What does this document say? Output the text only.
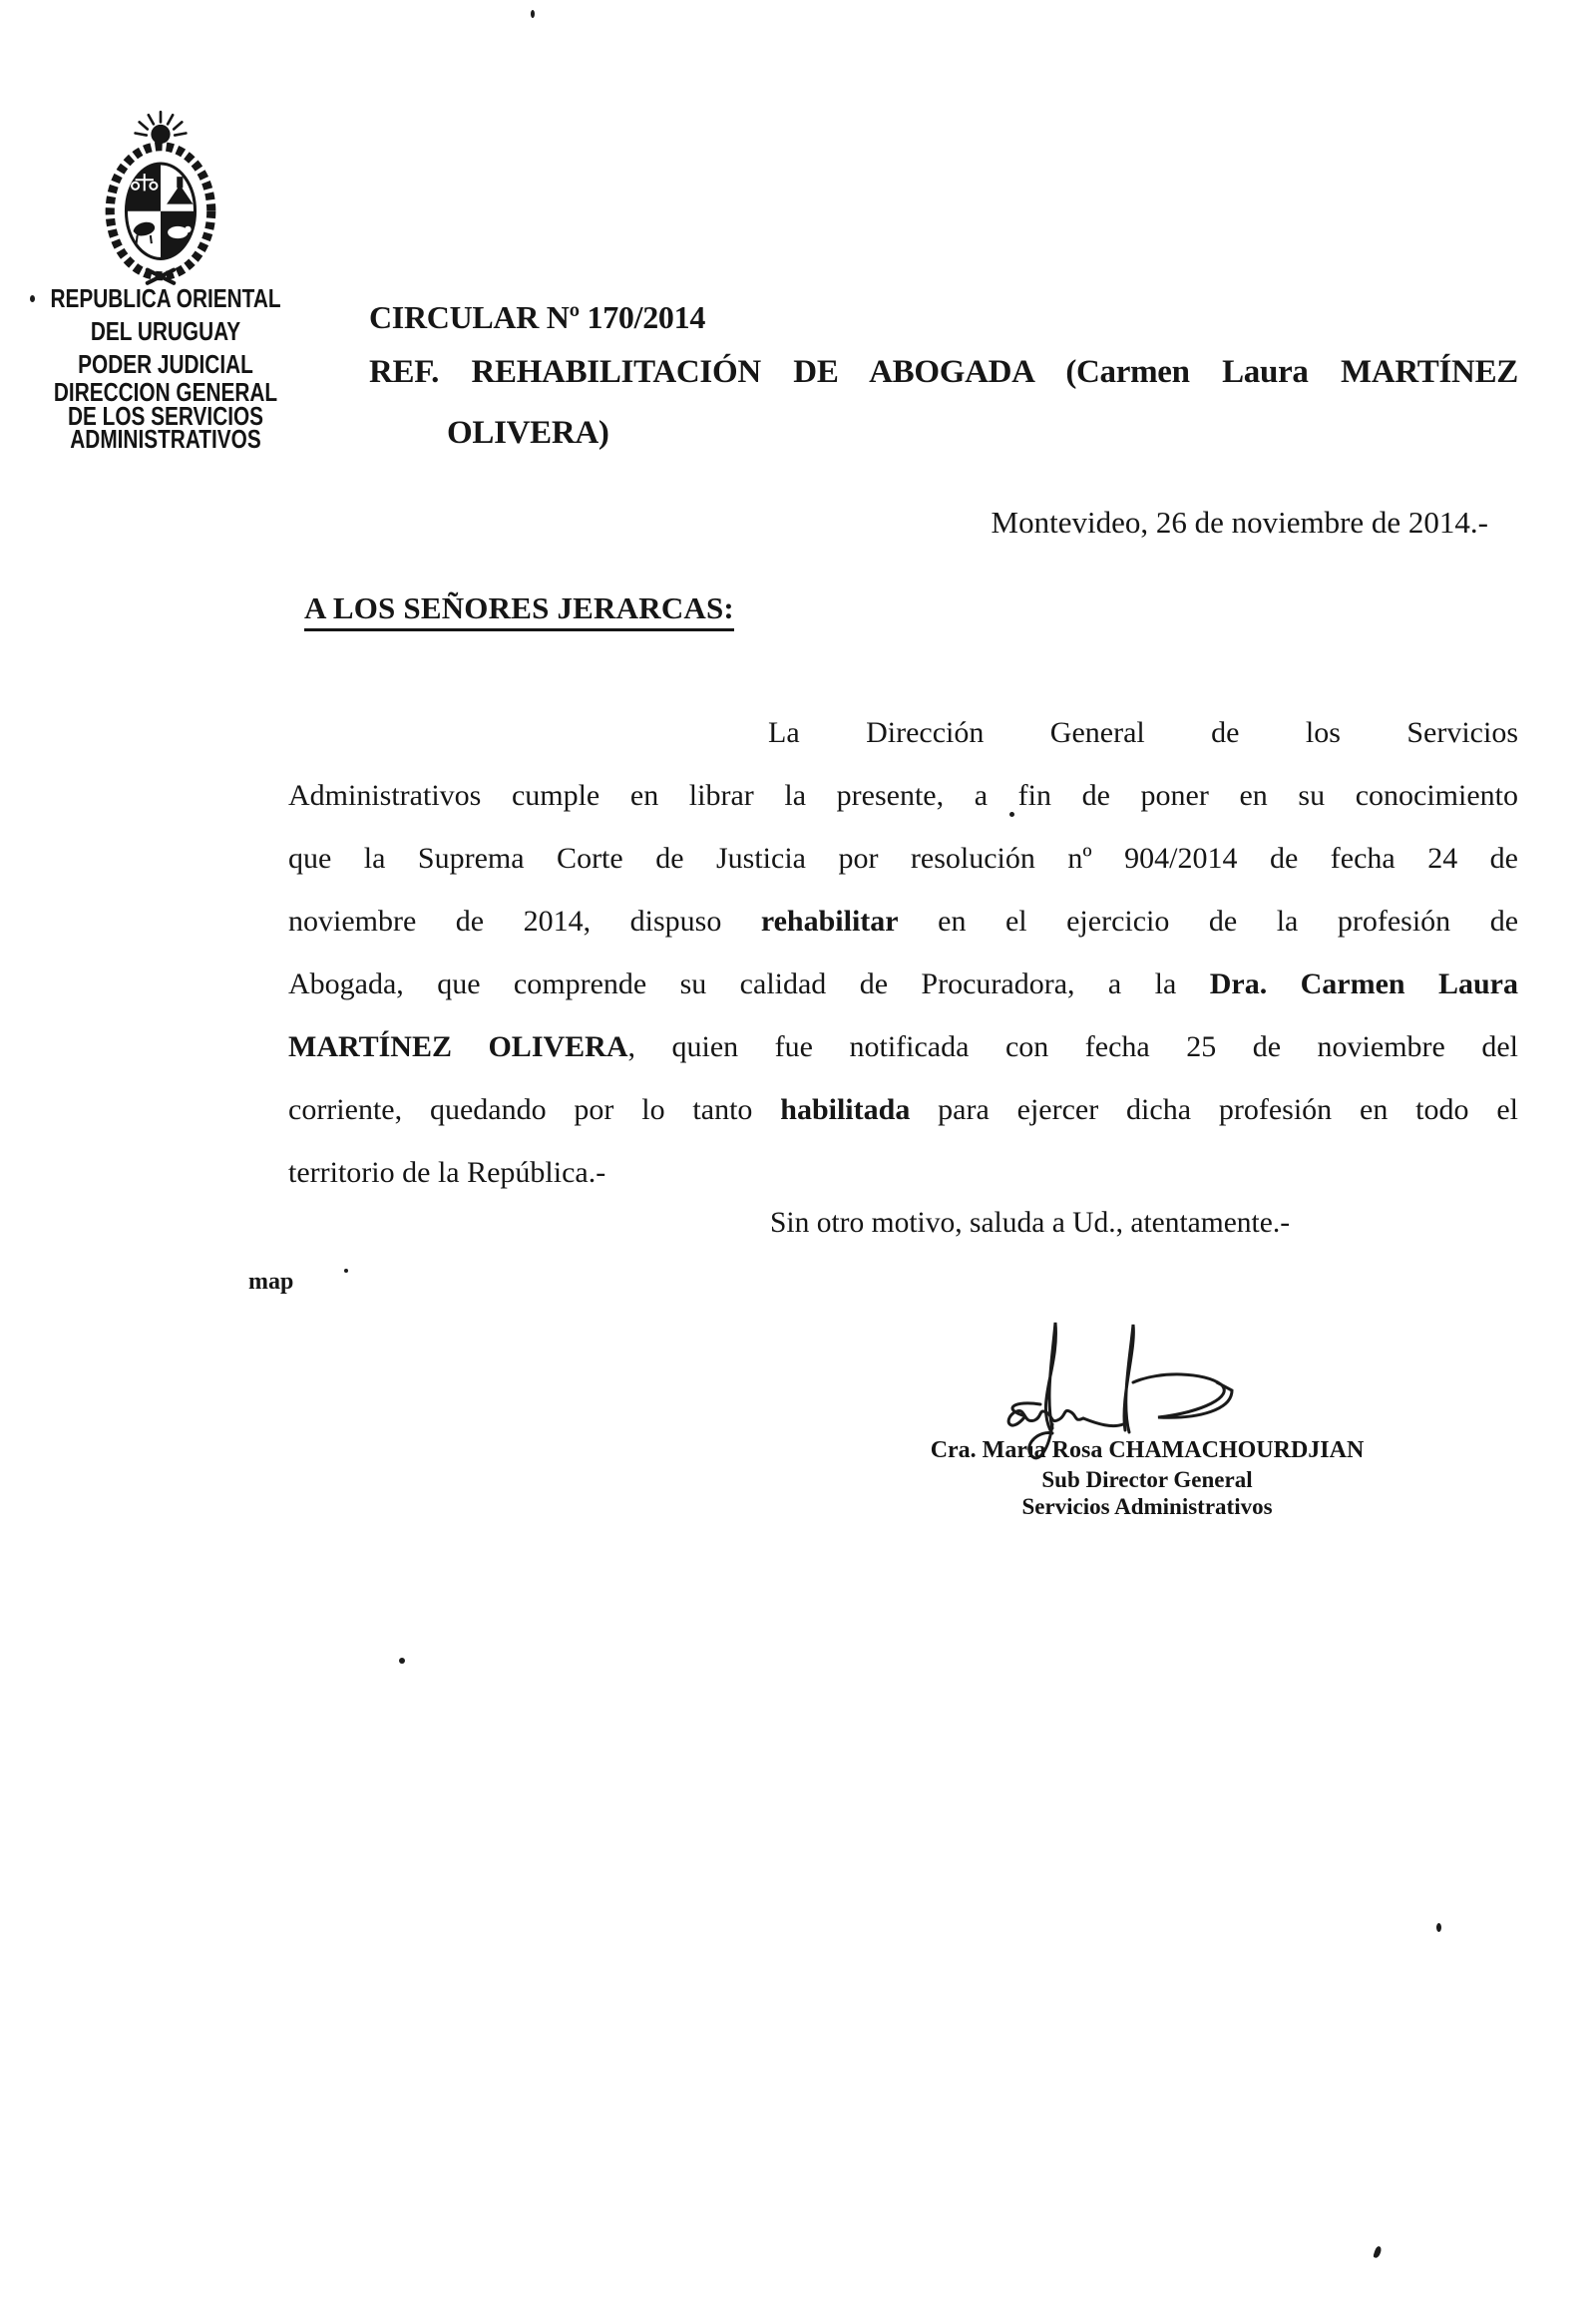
REPUBLICA ORIENTAL
DEL URUGUAY
PODER JUDICIAL
DIRECCION GENERAL
DE LOS SERVICIOS
ADMINISTRATIVOS
CIRCULAR Nº 170/2014
REF. REHABILITACIÓN DE ABOGADA (Carmen Laura MARTÍNEZ
OLIVERA)
Montevideo, 26 de noviembre de 2014.-
A LOS SEÑORES JERARCAS:
La Dirección General de los Servicios
Administrativos cumple en librar la presente, a fin de poner en su conocimiento
que la Suprema Corte de Justicia por resolución nº 904/2014 de fecha 24 de
noviembre de 2014, dispuso rehabilitar en el ejercicio de la profesión de
Abogada, que comprende su calidad de Procuradora, a la Dra. Carmen Laura
MARTÍNEZ OLIVERA, quien fue notificada con fecha 25 de noviembre del
corriente, quedando por lo tanto habilitada para ejercer dicha profesión en todo el
territorio de la República.-
Sin otro motivo, saluda a Ud., atentamente.-
map
Cra. María Rosa CHAMACHOURDJIAN
Sub Director General
Servicios Administrativos
